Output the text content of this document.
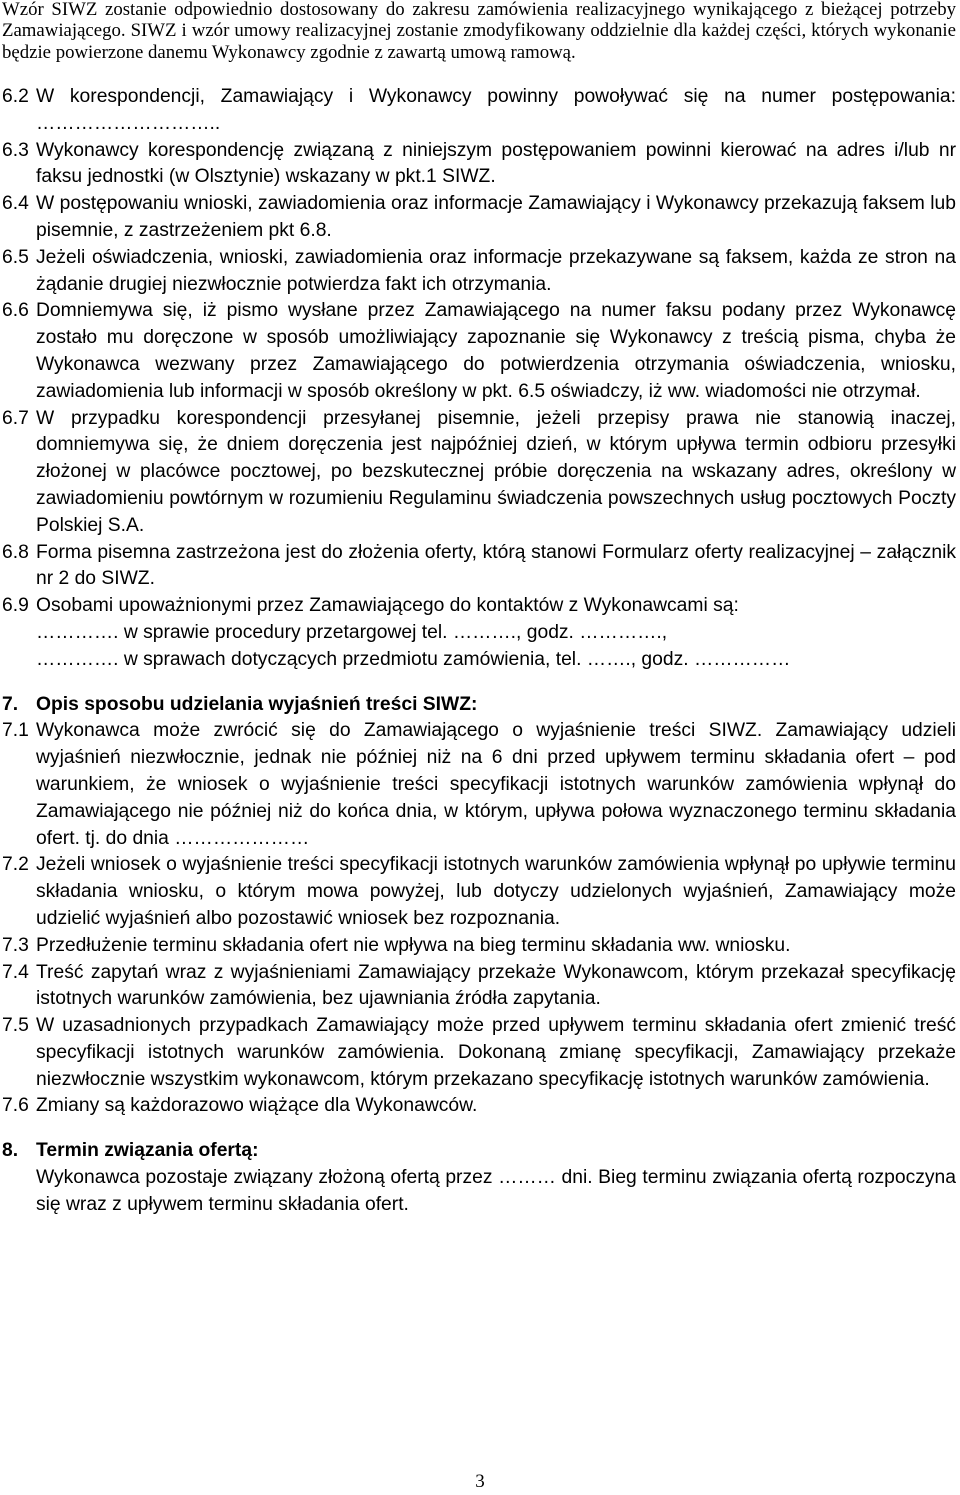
Wzór SIWZ zostanie odpowiednio dostosowany do zakresu zamówienia realizacyjnego wynikającego z bieżącej potrzeby Zamawiającego. SIWZ i wzór umowy realizacyjnej zostanie zmodyfikowany oddzielnie dla każdej części, których wykonanie będzie powierzone danemu Wykonawcy zgodnie z zawartą umową ramową.
6.2 W korespondencji, Zamawiający i Wykonawcy powinny powoływać się na numer postępowania: ………………………..
6.3 Wykonawcy korespondencję związaną z niniejszym postępowaniem powinni kierować na adres i/lub nr faksu jednostki (w Olsztynie) wskazany w pkt.1 SIWZ.
6.4 W postępowaniu wnioski, zawiadomienia oraz informacje Zamawiający i Wykonawcy przekazują faksem lub pisemnie, z zastrzeżeniem pkt 6.8.
6.5 Jeżeli oświadczenia, wnioski, zawiadomienia oraz informacje przekazywane są faksem, każda ze stron na żądanie drugiej niezwłocznie potwierdza fakt ich otrzymania.
6.6 Domniemywa się, iż pismo wysłane przez Zamawiającego na numer faksu podany przez Wykonawcę zostało mu doręczone w sposób umożliwiający zapoznanie się Wykonawcy z treścią pisma, chyba że Wykonawca wezwany przez Zamawiającego do potwierdzenia otrzymania oświadczenia, wniosku, zawiadomienia lub informacji w sposób określony w pkt. 6.5 oświadczy, iż ww. wiadomości nie otrzymał.
6.7 W przypadku korespondencji przesyłanej pisemnie, jeżeli przepisy prawa nie stanowią inaczej, domniemywa się, że dniem doręczenia jest najpóźniej dzień, w którym upływa termin odbioru przesyłki złożonej w placówce pocztowej, po bezskutecznej próbie doręczenia na wskazany adres, określony w zawiadomieniu powtórnym w rozumieniu Regulaminu świadczenia powszechnych usług pocztowych Poczty Polskiej S.A.
6.8 Forma pisemna zastrzeżona jest do złożenia oferty, którą stanowi Formularz oferty realizacyjnej – załącznik nr 2 do SIWZ.
6.9 Osobami upoważnionymi przez Zamawiającego do kontaktów z Wykonawcami są:
…………. w sprawie procedury przetargowej tel. ………., godz. ………….,
…………. w sprawach dotyczących przedmiotu zamówienia, tel. ……., godz. ……………
7. Opis sposobu udzielania wyjaśnień treści SIWZ:
7.1 Wykonawca może zwrócić się do Zamawiającego o wyjaśnienie treści SIWZ. Zamawiający udzieli wyjaśnień niezwłocznie, jednak nie później niż na 6 dni przed upływem terminu składania ofert – pod warunkiem, że wniosek o wyjaśnienie treści specyfikacji istotnych warunków zamówienia wpłynął do Zamawiającego nie później niż do końca dnia, w którym, upływa połowa wyznaczonego terminu składania ofert. tj. do dnia …………………
7.2 Jeżeli wniosek o wyjaśnienie treści specyfikacji istotnych warunków zamówienia wpłynął po upływie terminu składania wniosku, o którym mowa powyżej, lub dotyczy udzielonych wyjaśnień, Zamawiający może udzielić wyjaśnień albo pozostawić wniosek bez rozpoznania.
7.3 Przedłużenie terminu składania ofert nie wpływa na bieg terminu składania ww. wniosku.
7.4 Treść zapytań wraz z wyjaśnieniami Zamawiający przekaże Wykonawcom, którym przekazał specyfikację istotnych warunków zamówienia, bez ujawniania źródła zapytania.
7.5 W uzasadnionych przypadkach Zamawiający może przed upływem terminu składania ofert zmienić treść specyfikacji istotnych warunków zamówienia. Dokonaną zmianę specyfikacji, Zamawiający przekaże niezwłocznie wszystkim wykonawcom, którym przekazano specyfikację istotnych warunków zamówienia.
7.6 Zmiany są każdorazowo wiążące dla Wykonawców.
8. Termin związania ofertą:
Wykonawca pozostaje związany złożoną ofertą przez ……… dni. Bieg terminu związania ofertą rozpoczyna się wraz z upływem terminu składania ofert.
3
